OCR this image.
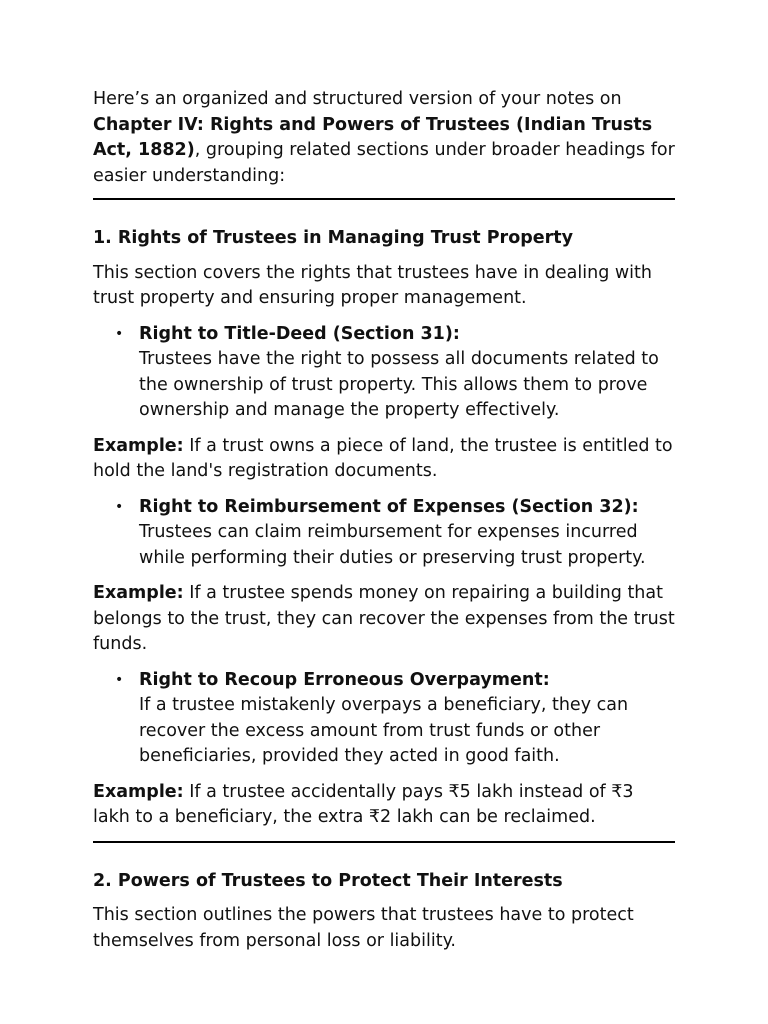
Here’s an organized and structured version of your notes on Chapter IV: Rights and Powers of Trustees (Indian Trusts Act, 1882), grouping related sections under broader headings for easier understanding:

1. Rights of Trustees in Managing Trust Property

This section covers the rights that trustees have in dealing with trust property and ensuring proper management.

• Right to Title-Deed (Section 31):
Trustees have the right to possess all documents related to the ownership of trust property. This allows them to prove ownership and manage the property effectively.

Example: If a trust owns a piece of land, the trustee is entitled to hold the land's registration documents.

• Right to Reimbursement of Expenses (Section 32):
Trustees can claim reimbursement for expenses incurred while performing their duties or preserving trust property.

Example: If a trustee spends money on repairing a building that belongs to the trust, they can recover the expenses from the trust funds.

• Right to Recoup Erroneous Overpayment:
If a trustee mistakenly overpays a beneficiary, they can recover the excess amount from trust funds or other beneficiaries, provided they acted in good faith.

Example: If a trustee accidentally pays ₹5 lakh instead of ₹3 lakh to a beneficiary, the extra ₹2 lakh can be reclaimed.

2. Powers of Trustees to Protect Their Interests

This section outlines the powers that trustees have to protect themselves from personal loss or liability.
